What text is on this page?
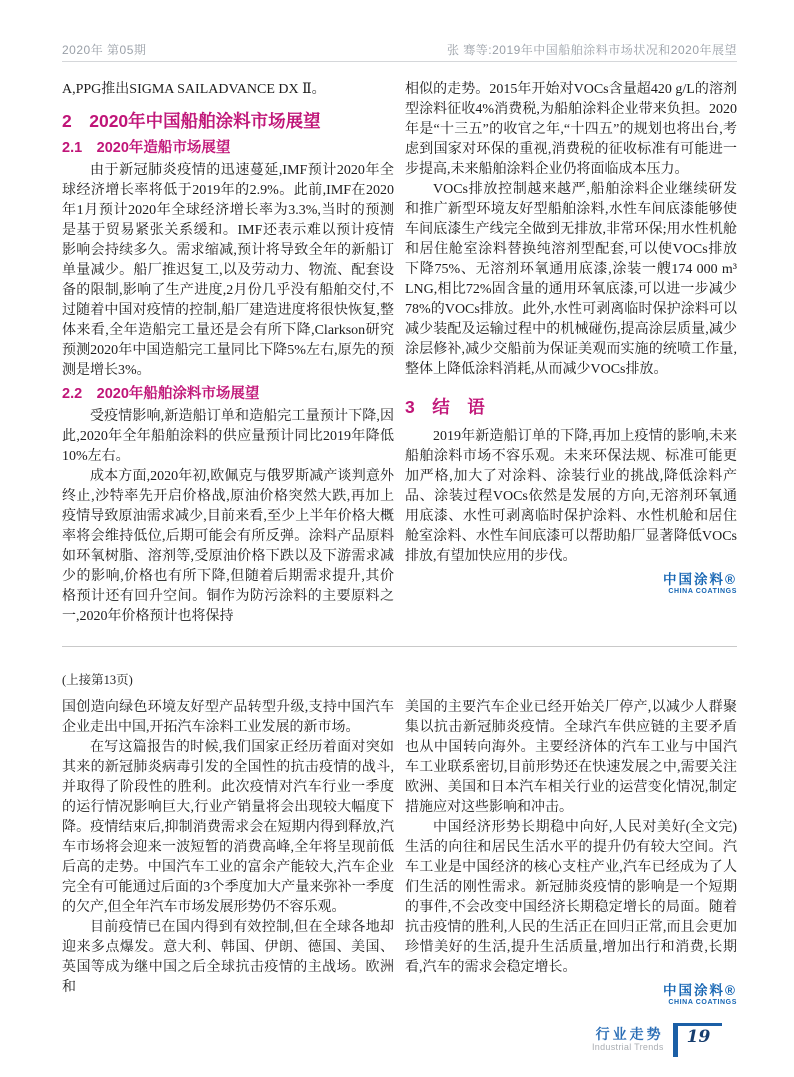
2020年 第05期	张 骞等:2019年中国船舶涂料市场状况和2020年展望

A,PPG推出SIGMA SAILADVANCE DX Ⅱ。

2　2020年中国船舶涂料市场展望
2.1　2020年造船市场展望

由于新冠肺炎疫情的迅速蔓延,IMF预计2020年全球经济增长率将低于2019年的2.9%。此前,IMF在2020年1月预计2020年全球经济增长率为3.3%,当时的预测是基于贸易紧张关系缓和。IMF还表示难以预计疫情影响会持续多久。需求缩减,预计将导致全年的新船订单量减少。船厂推迟复工,以及劳动力、物流、配套设备的限制,影响了生产进度,2月份几乎没有船舶交付,不过随着中国对疫情的控制,船厂建造进度将很快恢复,整体来看,全年造船完工量还是会有所下降,Clarkson研究预测2020年中国造船完工量同比下降5%左右,原先的预测是增长3%。

2.2　2020年船舶涂料市场展望

受疫情影响,新造船订单和造船完工量预计下降,因此,2020年全年船舶涂料的供应量预计同比2019年降低10%左右。

成本方面,2020年初,欧佩克与俄罗斯减产谈判意外终止,沙特率先开启价格战,原油价格突然大跌,再加上疫情导致原油需求减少,目前来看,至少上半年价格大概率将会维持低位,后期可能会有所反弹。涂料产品原料如环氧树脂、溶剂等,受原油价格下跌以及下游需求减少的影响,价格也有所下降,但随着后期需求提升,其价格预计还有回升空间。铜作为防污涂料的主要原料之一,2020年价格预计也将保持

相似的走势。2015年开始对VOCs含量超420 g/L的溶剂型涂料征收4%消费税,为船舶涂料企业带来负担。2020年是“十三五”的收官之年,“十四五”的规划也将出台,考虑到国家对环保的重视,消费税的征收标准有可能进一步提高,未来船舶涂料企业仍将面临成本压力。

VOCs排放控制越来越严,船舶涂料企业继续研发和推广新型环境友好型船舶涂料,水性车间底漆能够使车间底漆生产线完全做到无排放,非常环保;用水性机舱和居住舱室涂料替换纯溶剂型配套,可以使VOCs排放下降75%、无溶剂环氧通用底漆,涂装一艘174 000 m³ LNG,相比72%固含量的通用环氧底漆,可以进一步减少78%的VOCs排放。此外,水性可剥离临时保护涂料可以减少装配及运输过程中的机械碰伤,提高涂层质量,减少涂层修补,减少交船前为保证美观而实施的统喷工作量,整体上降低涂料消耗,从而减少VOCs排放。

3　结　语

2019年新造船订单的下降,再加上疫情的影响,未来船舶涂料市场不容乐观。未来环保法规、标准可能更加严格,加大了对涂料、涂装行业的挑战,降低涂料产品、涂装过程VOCs依然是发展的方向,无溶剂环氧通用底漆、水性可剥离临时保护涂料、水性机舱和居住舱室涂料、水性车间底漆可以帮助船厂显著降低VOCs排放,有望加快应用的步伐。

中国涂料®
CHINA COATINGS

(上接第13页)

国创造向绿色环境友好型产品转型升级,支持中国汽车企业走出中国,开拓汽车涂料工业发展的新市场。

在写这篇报告的时候,我们国家正经历着面对突如其来的新冠肺炎病毒引发的全国性的抗击疫情的战斗,并取得了阶段性的胜利。此次疫情对汽车行业一季度的运行情况影响巨大,行业产销量将会出现较大幅度下降。疫情结束后,抑制消费需求会在短期内得到释放,汽车市场将会迎来一波短暂的消费高峰,全年将呈现前低后高的走势。中国汽车工业的富余产能较大,汽车企业完全有可能通过后面的3个季度加大产量来弥补一季度的欠产,但全年汽车市场发展形势仍不容乐观。

目前疫情已在国内得到有效控制,但在全球各地却迎来多点爆发。意大利、韩国、伊朗、德国、美国、英国等成为继中国之后全球抗击疫情的主战场。欧洲和

美国的主要汽车企业已经开始关厂停产,以减少人群聚集以抗击新冠肺炎疫情。全球汽车供应链的主要矛盾也从中国转向海外。主要经济体的汽车工业与中国汽车工业联系密切,目前形势还在快速发展之中,需要关注欧洲、美国和日本汽车相关行业的运营变化情况,制定措施应对这些影响和冲击。

(全文完)
中国经济形势长期稳中向好,人民对美好生活的向往和居民生活水平的提升仍有较大空间。汽车工业是中国经济的核心支柱产业,汽车已经成为了人们生活的刚性需求。新冠肺炎疫情的影响是一个短期的事件,不会改变中国经济长期稳定增长的局面。随着抗击疫情的胜利,人民的生活正在回归正常,而且会更加珍惜美好的生活,提升生活质量,增加出行和消费,长期看,汽车的需求会稳定增长。

中国涂料®
CHINA COATINGS
行业走势
Industrial Trends
19
